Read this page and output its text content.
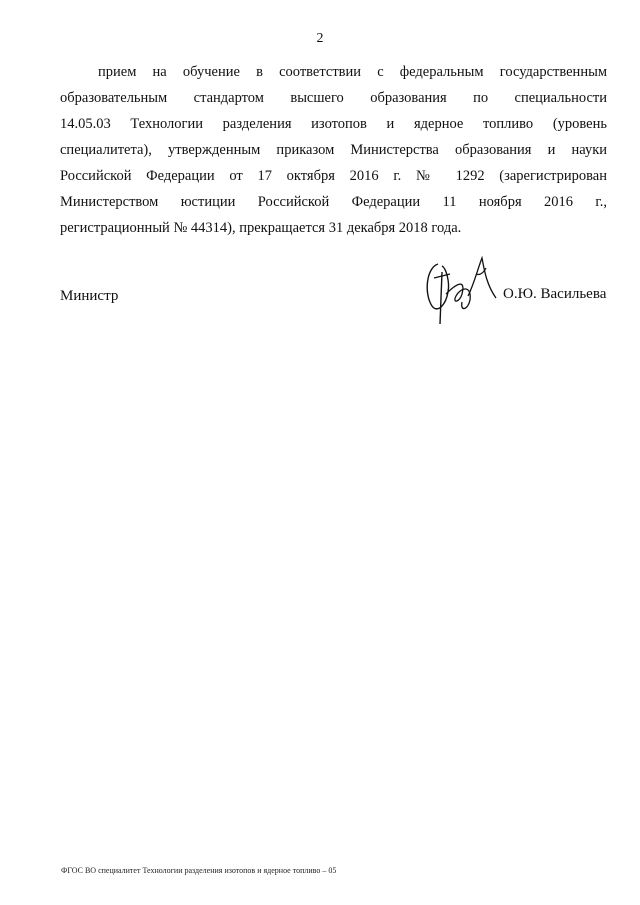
2
прием на обучение в соответствии с федеральным государственным
образовательным стандартом высшего образования по специальности
14.05.03 Технологии разделения изотопов и ядерное топливо (уровень
специалитета), утвержденным приказом Министерства образования и науки
Российской Федерации от 17 октября 2016 г. № 1292 (зарегистрирован
Министерством юстиции Российской Федерации 11 ноября 2016 г.,
регистрационный № 44314), прекращается 31 декабря 2018 года.
Министр	О.Ю. Васильева
ФГОС ВО специалитет Технологии разделения изотопов и ядерное топливо – 05
